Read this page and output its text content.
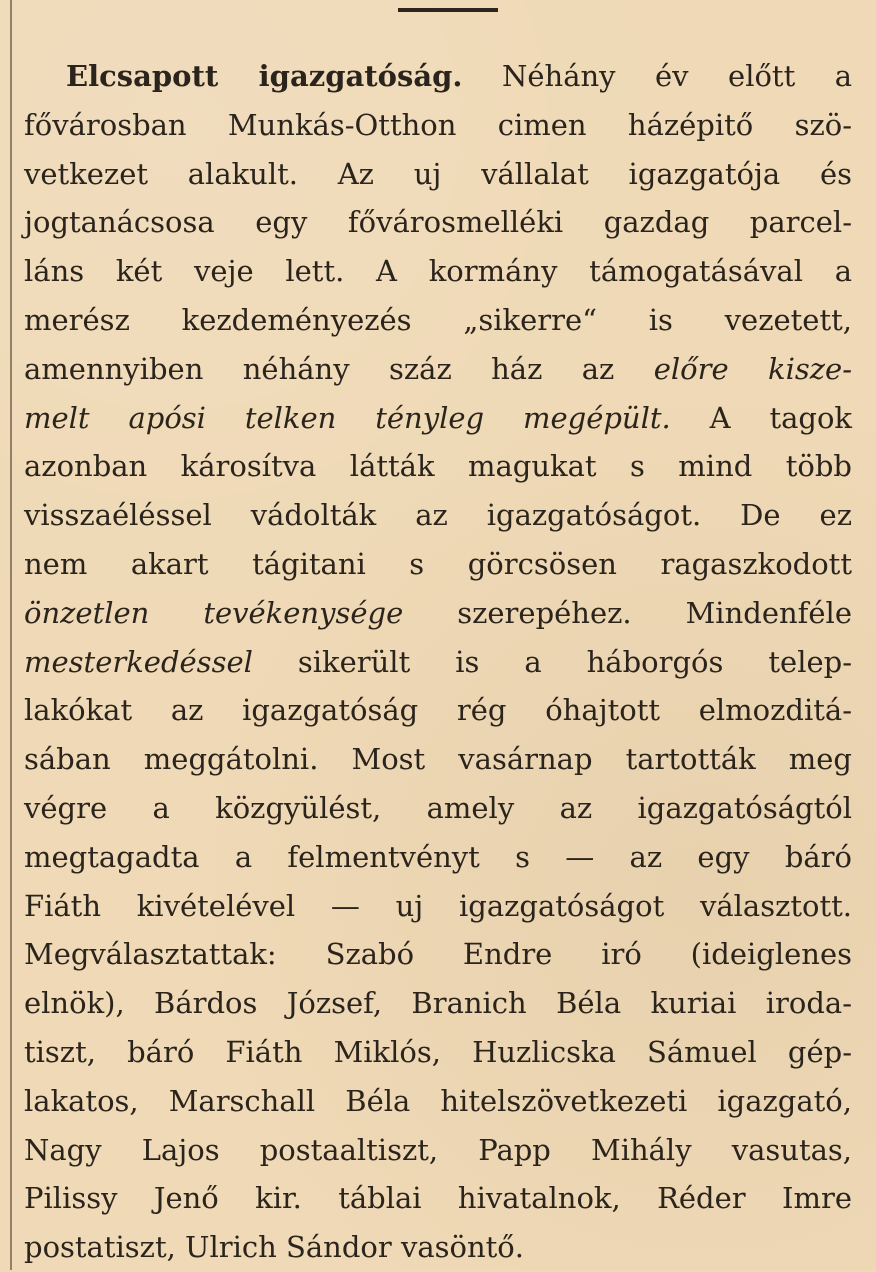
Elcsapott igazgatóság. Néhány év előtt a
fővárosban Munkás-Otthon cimen házépitő szö-
vetkezet alakult. Az uj vállalat igazgatója és
jogtanácsosa egy fővárosmelléki gazdag parcel-
láns két veje lett. A kormány támogatásával a
merész kezdeményezés „sikerre“ is vezetett,
amennyiben néhány száz ház az előre kisze-
melt apósi telken tényleg megépült. A tagok
azonban károsítva látták magukat s mind több
visszaéléssel vádolták az igazgatóságot. De ez
nem akart tágitani s görcsösen ragaszkodott
önzetlen tevékenysége szerepéhez. Mindenféle
mesterkedéssel sikerült is a háborgós telep-
lakókat az igazgatóság rég óhajtott elmozditá-
sában meggátolni. Most vasárnap tartották meg
végre a közgyülést, amely az igazgatóságtól
megtagadta a felmentvényt s — az egy báró
Fiáth kivételével — uj igazgatóságot választott.
Megválasztattak: Szabó Endre iró (ideiglenes
elnök), Bárdos József, Branich Béla kuriai iroda-
tiszt, báró Fiáth Miklós, Huzlicska Sámuel gép-
lakatos, Marschall Béla hitelszövetkezeti igazgató,
Nagy Lajos postaaltiszt, Papp Mihály vasutas,
Pilissy Jenő kir. táblai hivatalnok, Réder Imre
postatiszt, Ulrich Sándor vasöntő.
